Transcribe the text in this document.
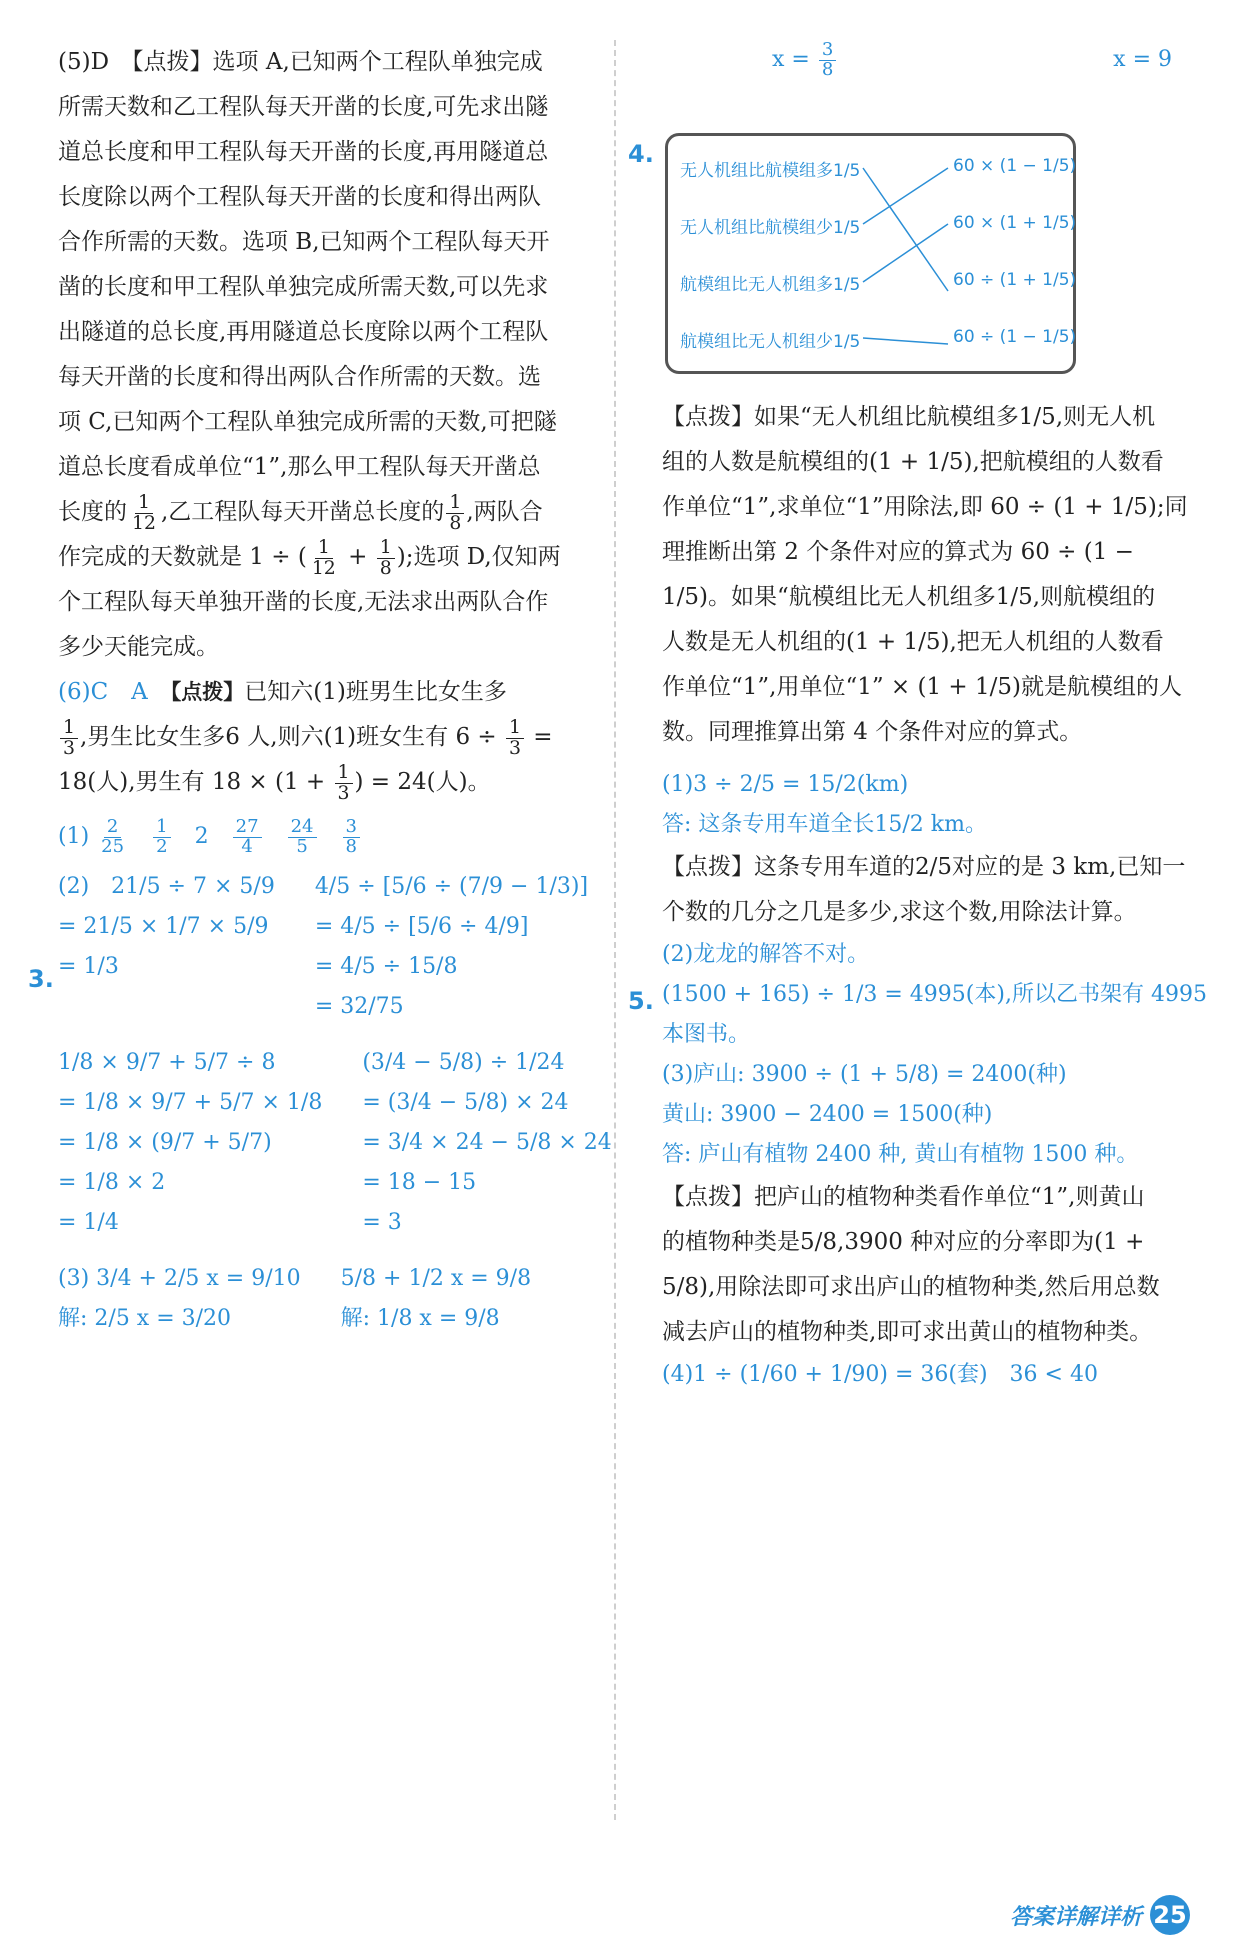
(5)D　【点拨】选项 A,已知两个工程队单独完成

所需天数和乙工程队每天开凿的长度,可先求出隧

道总长度和甲工程队每天开凿的长度,再用隧道总

长度除以两个工程队每天开凿的长度和得出两队

合作所需的天数。选项 B,已知两个工程队每天开

凿的长度和甲工程队单独完成所需天数,可以先求

出隧道的总长度,再用隧道总长度除以两个工程队

每天开凿的长度和得出两队合作所需的天数。选

项 C,已知两个工程队单独完成所需的天数,可把隧

道总长度看成单位“1”,那么甲工程队每天开凿总

长度的 $\frac{1}{12}$ ,乙工程队每天开凿总长度的 $\frac{1}{8}$ ,两队合

作完成的天数就是 1 ÷ ( $\frac{1}{12} + \frac{1}{8}$ );选项 D,仅知两

个工程队每天单独开凿的长度,无法求出两队合作

多少天能完成。

(6)C　A　 【点拨】已知六(1)班男生比女生多

$\frac{1}{3}$ ,男生比女生多6 人,则六(1)班女生有 $6 \div \frac{1}{3}$ =

18(人),男生有 $18 \times (1 + \frac{1}{3}$ ) = 24(人)。

$(1) \frac{2}{25}$
　 $\frac{1}{2}$ 　2　 $\frac{27}{4}$
　 $\frac{24}{5}$
　 $\frac{3}{8}$

(2)　21/5 ÷ 7 × 5/9

= 21/5 × 1/7 × 5/9

= 1/3

4/5 ÷ [5/6 ÷ (7/9 − 1/3)]

= 4/5 ÷ [5/6 ÷ 4/9]

= 4/5 ÷ 15/8

= 32/75

1/8 × 9/7 + 5/7 ÷ 8

= 1/8 × 9/7 + 5/7 × 1/8

= 1/8 × (9/7 + 5/7)

= 1/8 × 2

= 1/4

(3/4 − 5/8) ÷ 1/24

= (3/4 − 5/8) × 24

= 3/4 × 24 − 5/8 × 24

= 18 − 15

= 3

(3) 3/4 + 2/5 x = 9/10

解: 2/5 x = 3/20

5/8 + 1/2 x = 9/8

解: 1/8 x = 9/8

3.
4.
5.
$x = \frac{3}{8}$	x = 9
无人机组比航模组多1/5
无人机组比航模组少1/5
航模组比无人机组多1/5
航模组比无人机组少1/5
60 × (1 − 1/5)
60 × (1 + 1/5)
60 ÷ (1 + 1/5)
60 ÷ (1 − 1/5)

【点拨】如果“无人机组比航模组多1/5,则无人机

组的人数是航模组的(1 + 1/5),把航模组的人数看

作单位“1”,求单位“1”用除法,即 60 ÷ (1 + 1/5);同

理推断出第 2 个条件对应的算式为 60 ÷ (1 −

1/5)。如果“航模组比无人机组多1/5,则航模组的

人数是无人机组的(1 + 1/5),把无人机组的人数看

作单位“1”,用单位“1” × (1 + 1/5)就是航模组的人

数。同理推算出第 4 个条件对应的算式。

(1)3 ÷ 2/5 = 15/2(km)

答: 这条专用车道全长15/2 km。

【点拨】这条专用车道的2/5对应的是 3 km,已知一

个数的几分之几是多少,求这个数,用除法计算。

(2)龙龙的解答不对。

(1500 + 165) ÷ 1/3 = 4995(本),所以乙书架有 4995

本图书。

(3)庐山: 3900 ÷ (1 + 5/8) = 2400(种)

黄山: 3900 − 2400 = 1500(种)

答: 庐山有植物 2400 种, 黄山有植物 1500 种。

【点拨】把庐山的植物种类看作单位“1”,则黄山

的植物种类是5/8,3900 种对应的分率即为(1 +

5/8),用除法即可求出庐山的植物种类,然后用总数

减去庐山的植物种类,即可求出黄山的植物种类。

(4)1 ÷ (1/60 + 1/90) = 36(套)　36 < 40

答案详解详析 25
